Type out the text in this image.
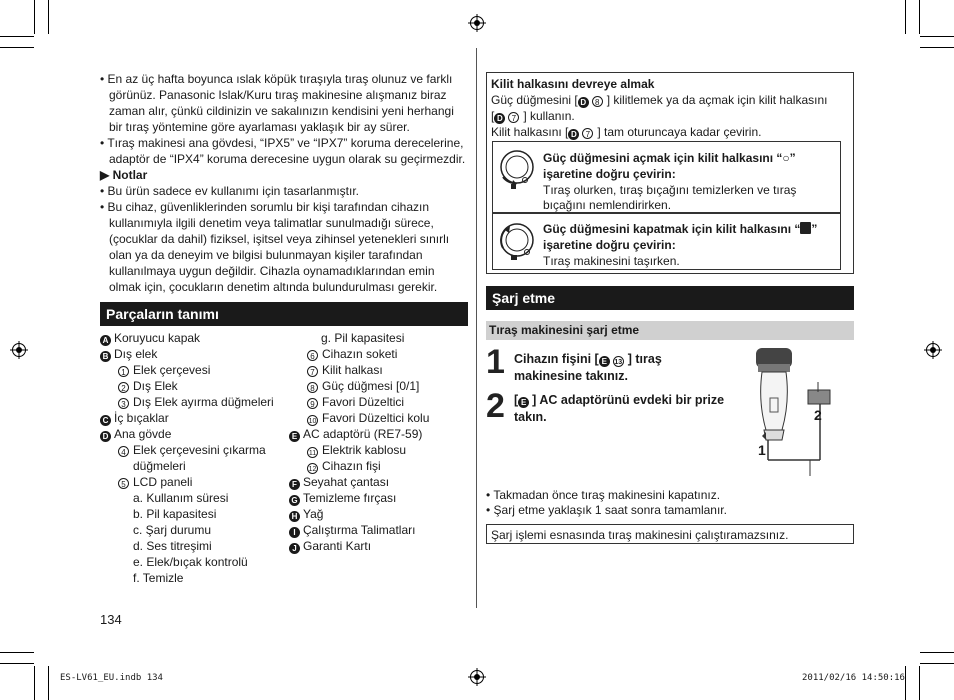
• En az üç hafta boyunca ıslak köpük tıraşıyla tıraş olunuz ve farklı
görünüz. Panasonic Islak/Kuru tıraş makinesine alışmanız biraz
zaman alır, çünkü cildinizin ve sakalınızın kendisini yeni herhangi
bir tıraş yöntemine göre ayarlaması yaklaşık bir ay sürer.
• Tıraş makinesi ana gövdesi, “IPX5” ve “IPX7” koruma derecelerine,
adaptör de “IPX4” koruma derecesine uygun olarak su geçirmezdir.
▶ Notlar
• Bu ürün sadece ev kullanımı için tasarlanmıştır.
• Bu cihaz, güvenliklerinden sorumlu bir kişi tarafından cihazın
kullanımıyla ilgili denetim veya talimatlar sunulmadığı sürece,
(çocuklar da dahil) fiziksel, işitsel veya zihinsel yetenekleri sınırlı
olan ya da deneyim ve bilgisi bulunmayan kişiler tarafından
kullanılmaya uygun değildir. Cihazla oynamadıklarından emin
olmak için, çocukların denetim altında bulundurulması gerekir.
Parçaların tanımı
A Koruyucu kapak
B Dış elek
1 Elek çerçevesi
2 Dış Elek
3 Dış Elek ayırma düğmeleri
C İç bıçaklar
D Ana gövde
4 Elek çerçevesini çıkarma
düğmeleri
5 LCD paneli
a. Kullanım süresi
b. Pil kapasitesi
c. Şarj durumu
d. Ses titreşimi
e. Elek/bıçak kontrolü
f. Temizle
g. Pil kapasitesi
6 Cihazın soketi
7 Kilit halkası
8 Güç düğmesi [0/1]
9 Favori Düzeltici
10 Favori Düzeltici kolu
E AC adaptörü (RE7-59)
11 Elektrik kablosu
12 Cihazın fişi
F Seyahat çantası
G Temizleme fırçası
H Yağ
I Çalıştırma Talimatları
J Garanti Kartı
134
Kilit halkasını devreye almak
Güç düğmesini [ D 8 ] kilitlemek ya da açmak için kilit halkasını
[ D 7 ] kullanın.
Kilit halkasını [ D 7 ] tam oturuncaya kadar çevirin.
Güç düğmesini açmak için kilit halkasını “○”
işaretine doğru çevirin:
Tıraş olurken, tıraş bıçağını temizlerken ve tıraş
bıçağını nemlendirirken.
Güç düğmesini kapatmak için kilit halkasını “ ”
işaretine doğru çevirin:
Tıraş makinesini taşırken.
Şarj etme
Tıraş makinesini şarj etme
1 Cihazın fişini [ E 13 ] tıraş
makinesine takınız.
2 [ E ] AC adaptörünü evdeki bir prize
takın.	2
1
• Takmadan önce tıraş makinesini kapatınız.
• Şarj etme yaklaşık 1 saat sonra tamamlanır.
Şarj işlemi esnasında tıraş makinesini çalıştıramazsınız.
ES-LV61_EU.indb 134	2011/02/16 14:50:16
